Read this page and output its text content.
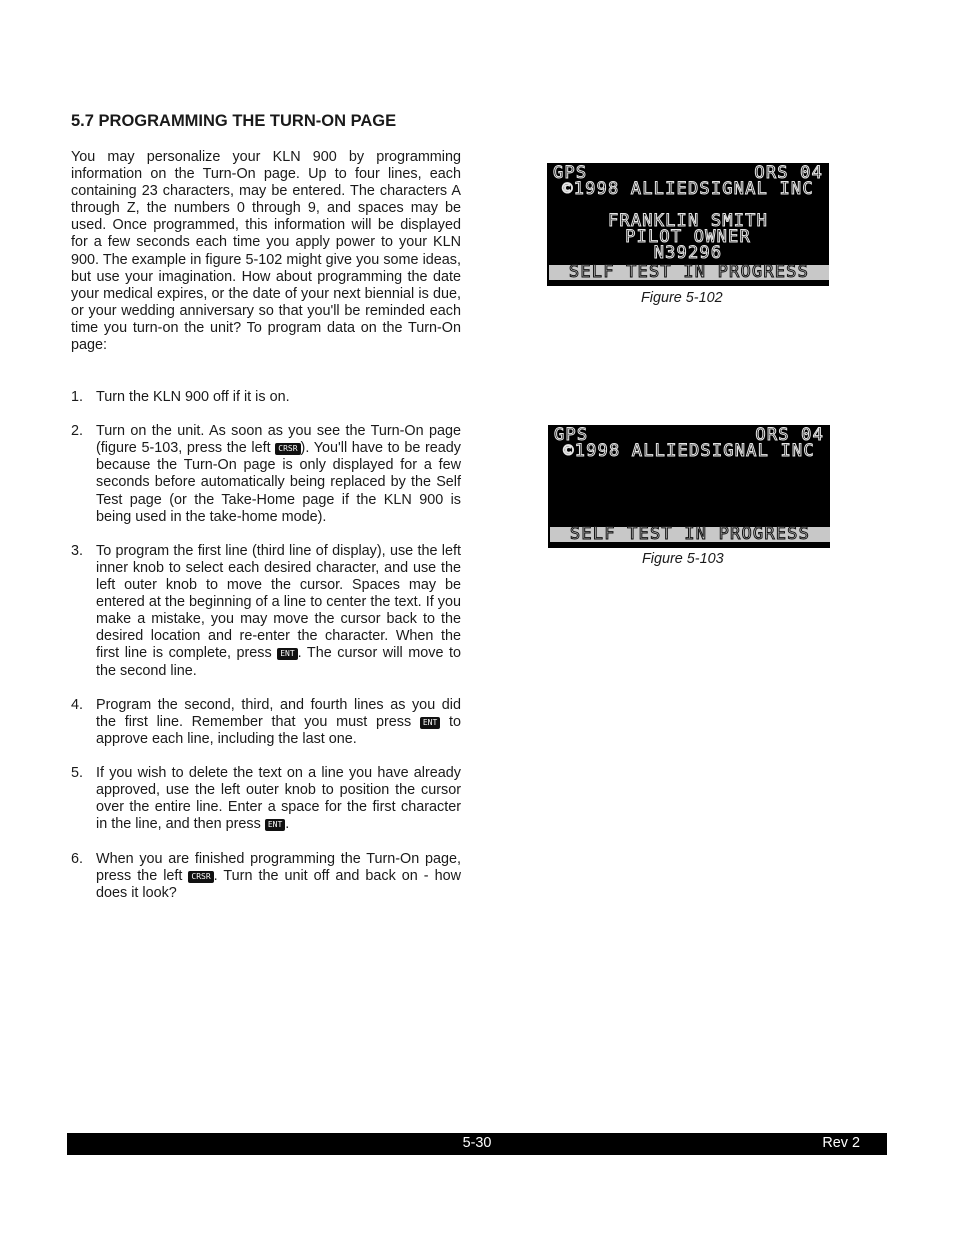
5.7 PROGRAMMING THE TURN-ON PAGE

You may personalize your KLN 900 by programming information on the Turn-On page. Up to four lines, each containing 23 characters, may be entered. The characters A through Z, the numbers 0 through 9, and spaces may be used. Once programmed, this information will be displayed for a few seconds each time you apply power to your KLN 900. The example in figure 5-102 might give you some ideas, but use your imagination. How about programming the date your medical expires, or the date of your next biennial is due, or your wedding anniversary so that you'll be reminded each time you turn-on the unit? To program data on the Turn-On page:

1. Turn the KLN 900 off if it is on.
2. Turn on the unit. As soon as you see the Turn-On page (figure 5-103, press the left CRSR ). You'll have to be ready because the Turn-On page is only displayed for a few seconds before automatically being replaced by the Self Test page (or the Take-Home page if the KLN 900 is being used in the take-home mode).
3. To program the first line (third line of display), use the left inner knob to select each desired character, and use the left outer knob to move the cursor. Spaces may be entered at the beginning of a line to center the text. If you make a mistake, you may move the cursor back to the desired location and re-enter the character. When the first line is complete, press ENT . The cursor will move to the second line.
4. Program the second, third, and fourth lines as you did the first line. Remember that you must press ENT to approve each line, including the last one.
5. If you wish to delete the text on a line you have already approved, use the left outer knob to position the cursor over the entire line. Enter a space for the first character in the line, and then press ENT .
6. When you are finished programming the Turn-On page, press the left CRSR . Turn the unit off and back on - how does it look?
GPS	ORS 04
©1998 ALLIEDSIGNAL INC
FRANKLIN SMITH
PILOT OWNER
N39296
SELF TEST IN PROGRESS
Figure 5-102
GPS	ORS 04
©1998 ALLIEDSIGNAL INC
SELF TEST IN PROGRESS
Figure 5-103
5-30	Rev 2
